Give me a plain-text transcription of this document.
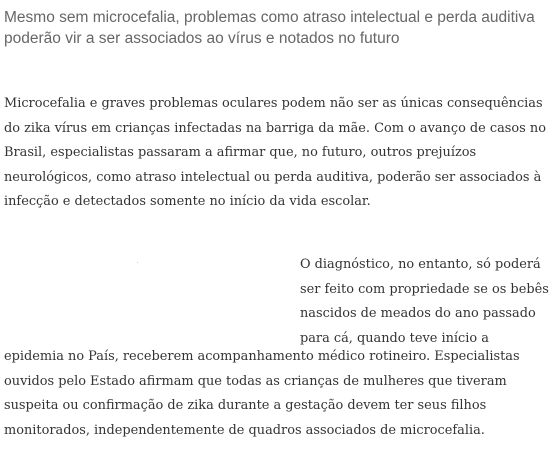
Mesmo sem microcefalia, problemas como atraso intelectual e perda auditiva poderão vir a ser associados ao vírus e notados no futuro

Microcefalia e graves problemas oculares podem não ser as únicas consequências do zika vírus em crianças infectadas na barriga da mãe. Com o avanço de casos no Brasil, especialistas passaram a afirmar que, no futuro, outros prejuízos neurológicos, como atraso intelectual ou perda auditiva, poderão ser associados à infecção e detectados somente no início da vida escolar.

O diagnóstico, no entanto, só poderá ser feito com propriedade se os bebês nascidos de meados do ano passado para cá, quando teve início a

epidemia no País, receberem acompanhamento médico rotineiro. Especialistas ouvidos pelo Estado afirmam que todas as crianças de mulheres que tiveram suspeita ou confirmação de zika durante a gestação devem ter seus filhos monitorados, independentemente de quadros associados de microcefalia.
